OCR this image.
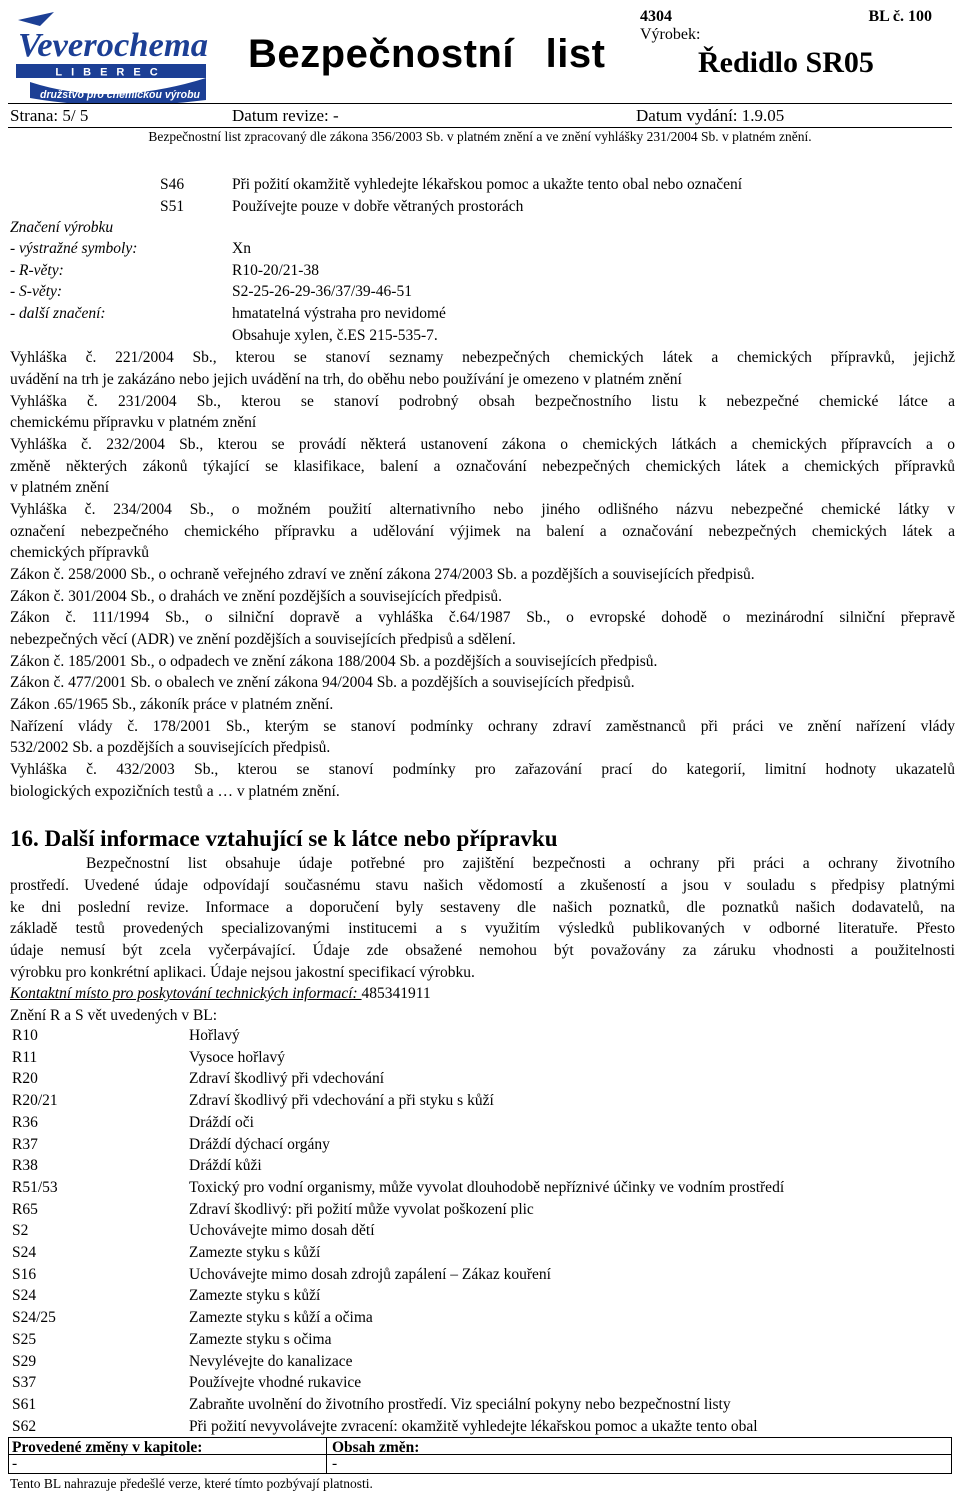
Veverochema
LIBEREC
družstvo pro chemickou výrobu
Bezpečnostní list
4304	BL č. 100
Výrobek:
Ředidlo SR05
Strana: 5/ 5	Datum revize: -	Datum vydání: 1.9.05
Bezpečnostní list zpracovaný dle zákona 356/2003 Sb. v platném znění a ve znění vyhlášky 231/2004 Sb. v platném znění.
S46	Při požití okamžitě vyhledejte lékařskou pomoc a ukažte tento obal nebo označení
S51	Používejte pouze v dobře větraných prostorách
Značení výrobku
- výstražné symboly:	Xn
- R-věty:	R10-20/21-38
- S-věty:	S2-25-26-29-36/37/39-46-51
- další značení:	hmatatelná výstraha pro nevidomé
Obsahuje xylen, č.ES 215-535-7.
Vyhláška č. 221/2004 Sb., kterou se stanoví seznamy nebezpečných chemických látek a chemických přípravků, jejichž
uvádění na trh je zakázáno nebo jejich uvádění na trh, do oběhu nebo používání je omezeno v platném znění
Vyhláška č. 231/2004 Sb., kterou se stanoví podrobný obsah bezpečnostního listu k nebezpečné chemické látce a
chemickému přípravku v platném znění
Vyhláška č. 232/2004 Sb., kterou se provádí některá ustanovení zákona o chemických látkách a chemických přípravcích a o
změně některých zákonů týkající se klasifikace, balení a označování nebezpečných chemických látek a chemických přípravků
v platném znění
Vyhláška č. 234/2004 Sb., o možném použití alternativního nebo jiného odlišného názvu nebezpečné chemické látky v
označení nebezpečného chemického přípravku a udělování výjimek na balení a označování nebezpečných chemických látek a
chemických přípravků
Zákon č. 258/2000 Sb., o ochraně veřejného zdraví ve znění zákona 274/2003 Sb. a pozdějších a souvisejících předpisů.
Zákon č. 301/2004 Sb., o drahách ve znění pozdějších a souvisejících předpisů.
Zákon č. 111/1994 Sb., o silniční dopravě a vyhláška č.64/1987 Sb., o evropské dohodě o mezinárodní silniční přepravě
nebezpečných věcí (ADR) ve znění pozdějších a souvisejících předpisů a sdělení.
Zákon č. 185/2001 Sb., o odpadech ve znění zákona 188/2004 Sb. a pozdějších a souvisejících předpisů.
Zákon č. 477/2001 Sb. o obalech ve znění zákona 94/2004 Sb. a pozdějších a souvisejících předpisů.
Zákon .65/1965 Sb., zákoník práce v platném znění.
Nařízení vlády č. 178/2001 Sb., kterým se stanoví podmínky ochrany zdraví zaměstnanců při práci ve znění nařízení vlády
532/2002 Sb. a pozdějších a souvisejících předpisů.
Vyhláška č. 432/2003 Sb., kterou se stanoví podmínky pro zařazování prací do kategorií, limitní hodnoty ukazatelů
biologických expozičních testů a … v platném znění.
16. Další informace vztahující se k látce nebo přípravku
Bezpečnostní list obsahuje údaje potřebné pro zajištění bezpečnosti a ochrany při práci a ochrany životního
prostředí. Uvedené údaje odpovídají současnému stavu našich vědomostí a zkušeností a jsou v souladu s předpisy platnými
ke dni poslední revize. Informace a doporučení byly sestaveny dle našich poznatků, dle poznatků našich dodavatelů, na
základě testů provedených specializovanými institucemi a s využitím výsledků publikovaných v odborné literatuře. Přesto
údaje nemusí být zcela vyčerpávající. Údaje zde obsažené nemohou být považovány za záruku vhodnosti a použitelnosti
výrobku pro konkrétní aplikaci. Údaje nejsou jakostní specifikací výrobku.
Kontaktní místo pro poskytování technických informací: 485341911
Znění R a S vět uvedených v BL:
R10	Hořlavý
R11	Vysoce hořlavý
R20	Zdraví škodlivý při vdechování
R20/21	Zdraví škodlivý při vdechování a při styku s kůží
R36	Dráždí oči
R37	Dráždí dýchací orgány
R38	Dráždí kůži
R51/53	Toxický pro vodní organismy, může vyvolat dlouhodobě nepříznivé účinky ve vodním prostředí
R65	Zdraví škodlivý: při požití může vyvolat poškození plic
S2	Uchovávejte mimo dosah dětí
S24	Zamezte styku s kůží
S16	Uchovávejte mimo dosah zdrojů zapálení – Zákaz kouření
S24	Zamezte styku s kůží
S24/25	Zamezte styku s kůží a očima
S25	Zamezte styku s očima
S29	Nevylévejte do kanalizace
S37	Používejte vhodné rukavice
S61	Zabraňte uvolnění do životního prostředí. Viz speciální pokyny nebo bezpečnostní listy
S62	Při požití nevyvolávejte zvracení: okamžitě vyhledejte lékařskou pomoc a ukažte tento obal
Provedené změny v kapitole:	Obsah změn:
-	-
Tento BL nahrazuje předešlé verze, které tímto pozbývají platnosti.
